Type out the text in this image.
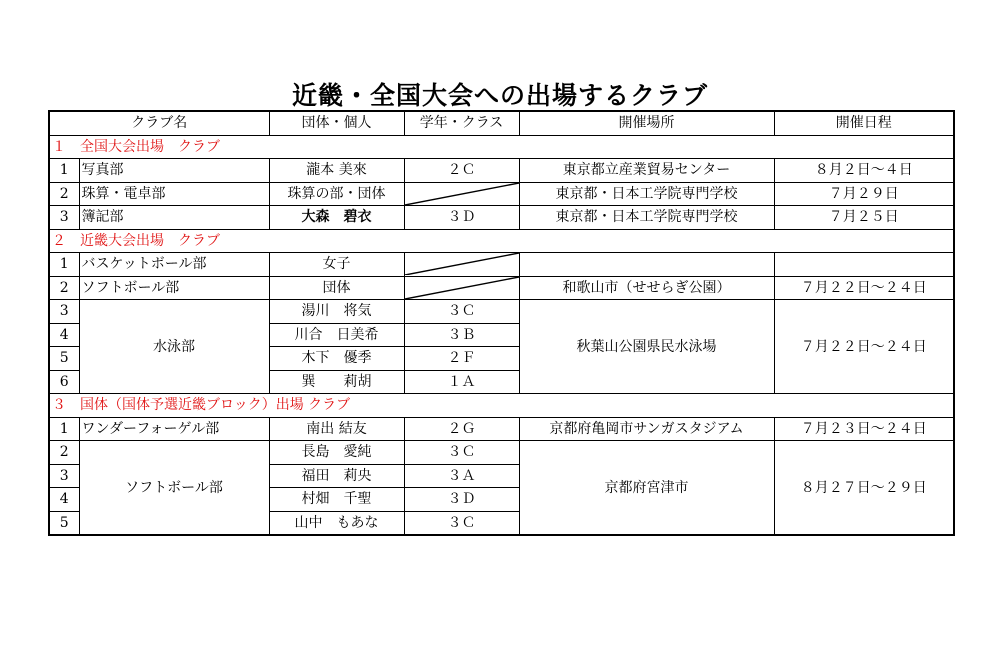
近畿・全国大会への出場するクラブ
クラブ名		団体・個人	学年・クラス	開催場所	開催日程
１　全国大会出場　クラブ					
1	写真部	瀧本 美來	２Ｃ	東京都立産業貿易センター	８月２日～４日
2	珠算・電卓部	珠算の部・団体		東京都・日本工学院専門学校	７月２９日
3	簿記部	大森　碧衣	３Ｄ	東京都・日本工学院専門学校	７月２５日
２　近畿大会出場　クラブ					
1	バスケットボール部	女子	

2	ソフトボール部	団体		和歌山市（せせらぎ公園）	７月２２日～２４日
3	水泳部	湯川　将気	３Ｃ	秋葉山公園県民水泳場	７月２２日～２４日
4		川合　日美希	３Ｂ		
5		木下　優季	２Ｆ		
6		巽　　莉胡	１Ａ		
３　国体（国体予選近畿ブロック）出場 クラブ					
1	ワンダーフォーゲル部	南出 結友	２Ｇ	京都府亀岡市サンガスタジアム	７月２３日～２４日
2	ソフトボール部	長島　愛純	３Ｃ	京都府宮津市	８月２７日～２９日
3		福田　莉央	３Ａ		
4		村畑　千聖	３Ｄ		
5		山中　もあな	３Ｃ		
